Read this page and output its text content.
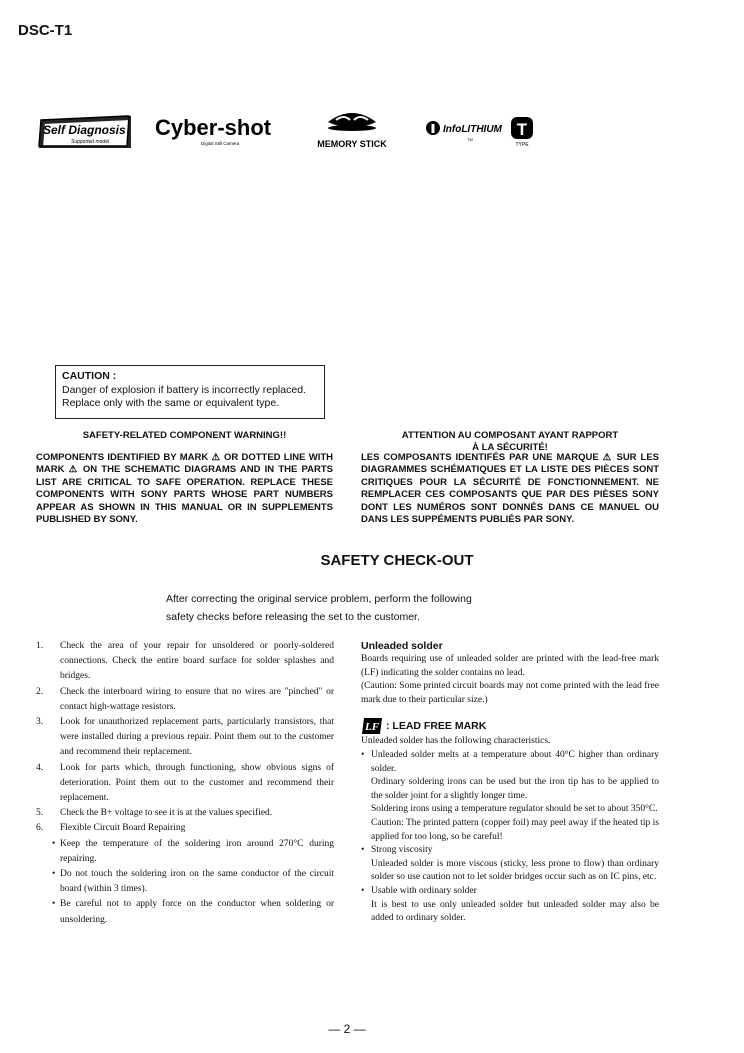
DSC-T1
Self Diagnosis
Supported model
Cyber-shot
Digital Still Camera	MEMORY STICK
InfoLITHIUM
TM
T
TYPE
CAUTION :
Danger of explosion if battery is incorrectly replaced.
Replace only with the same or equivalent type.
SAFETY-RELATED COMPONENT WARNING!!
COMPONENTS IDENTIFIED BY MARK ⚠ OR DOTTED LINE WITH MARK ⚠ ON THE SCHEMATIC DIAGRAMS AND IN THE PARTS LIST ARE CRITICAL TO SAFE OPERATION. REPLACE THESE COMPONENTS WITH SONY PARTS WHOSE PART NUMBERS APPEAR AS SHOWN IN THIS MANUAL OR IN SUPPLEMENTS PUBLISHED BY SONY.
ATTENTION AU COMPOSANT AYANT RAPPORT
À LA SÉCURITÉ!
LES COMPOSANTS IDENTIFÉS PAR UNE MARQUE ⚠ SUR LES DIAGRAMMES SCHÉMATIQUES ET LA LISTE DES PIÈCES SONT CRITIQUES POUR LA SÉCURITÉ DE FONCTIONNEMENT. NE REMPLACER CES COMPOSANTS QUE PAR DES PIÈSES SONY DONT LES NUMÉROS SONT DONNÉS DANS CE MANUEL OU DANS LES SUPPÉMENTS PUBLIÉS PAR SONY.
SAFETY CHECK-OUT
After correcting the original service problem, perform the following
safety checks before releasing the set to the customer.
1.	Check the area of your repair for unsoldered or poorly-soldered connections. Check the entire board surface for solder splashes and bridges.
2.	Check the interboard wiring to ensure that no wires are "pinched" or contact high-wattage resistors.
3.	Look for unauthorized replacement parts, particularly transistors, that were installed during a previous repair. Point them out to the customer and recommend their replacement.
4.	Look for parts which, through functioning, show obvious signs of deterioration. Point them out to the customer and recommend their replacement.
5.	Check the B+ voltage to see it is at the values specified.
6.	Flexible Circuit Board Repairing
• Keep the temperature of the soldering iron around 270°C during repairing.
• Do not touch the soldering iron on the same conductor of the circuit board (within 3 times).
• Be careful not to apply force on the conductor when soldering or unsoldering.
Unleaded solder
Boards requiring use of unleaded solder are printed with the lead-free mark (LF) indicating the solder contains no lead.
(Caution: Some printed circuit boards may not come printed with the lead free mark due to their particular size.)
LF : LEAD FREE MARK
Unleaded solder has the following characteristics.
• Unleaded solder melts at a temperature about 40°C higher than ordinary solder.
Ordinary soldering irons can be used but the iron tip has to be applied to the solder joint for a slightly longer time.
Soldering irons using a temperature regulator should be set to about 350°C.
Caution: The printed pattern (copper foil) may peel away if the heated tip is applied for too long, so be careful!
• Strong viscosity
Unleaded solder is more viscous (sticky, less prone to flow) than ordinary solder so use caution not to let solder bridges occur such as on IC pins, etc.
• Usable with ordinary solder
It is best to use only unleaded solder but unleaded solder may also be added to ordinary solder.
— 2 —
